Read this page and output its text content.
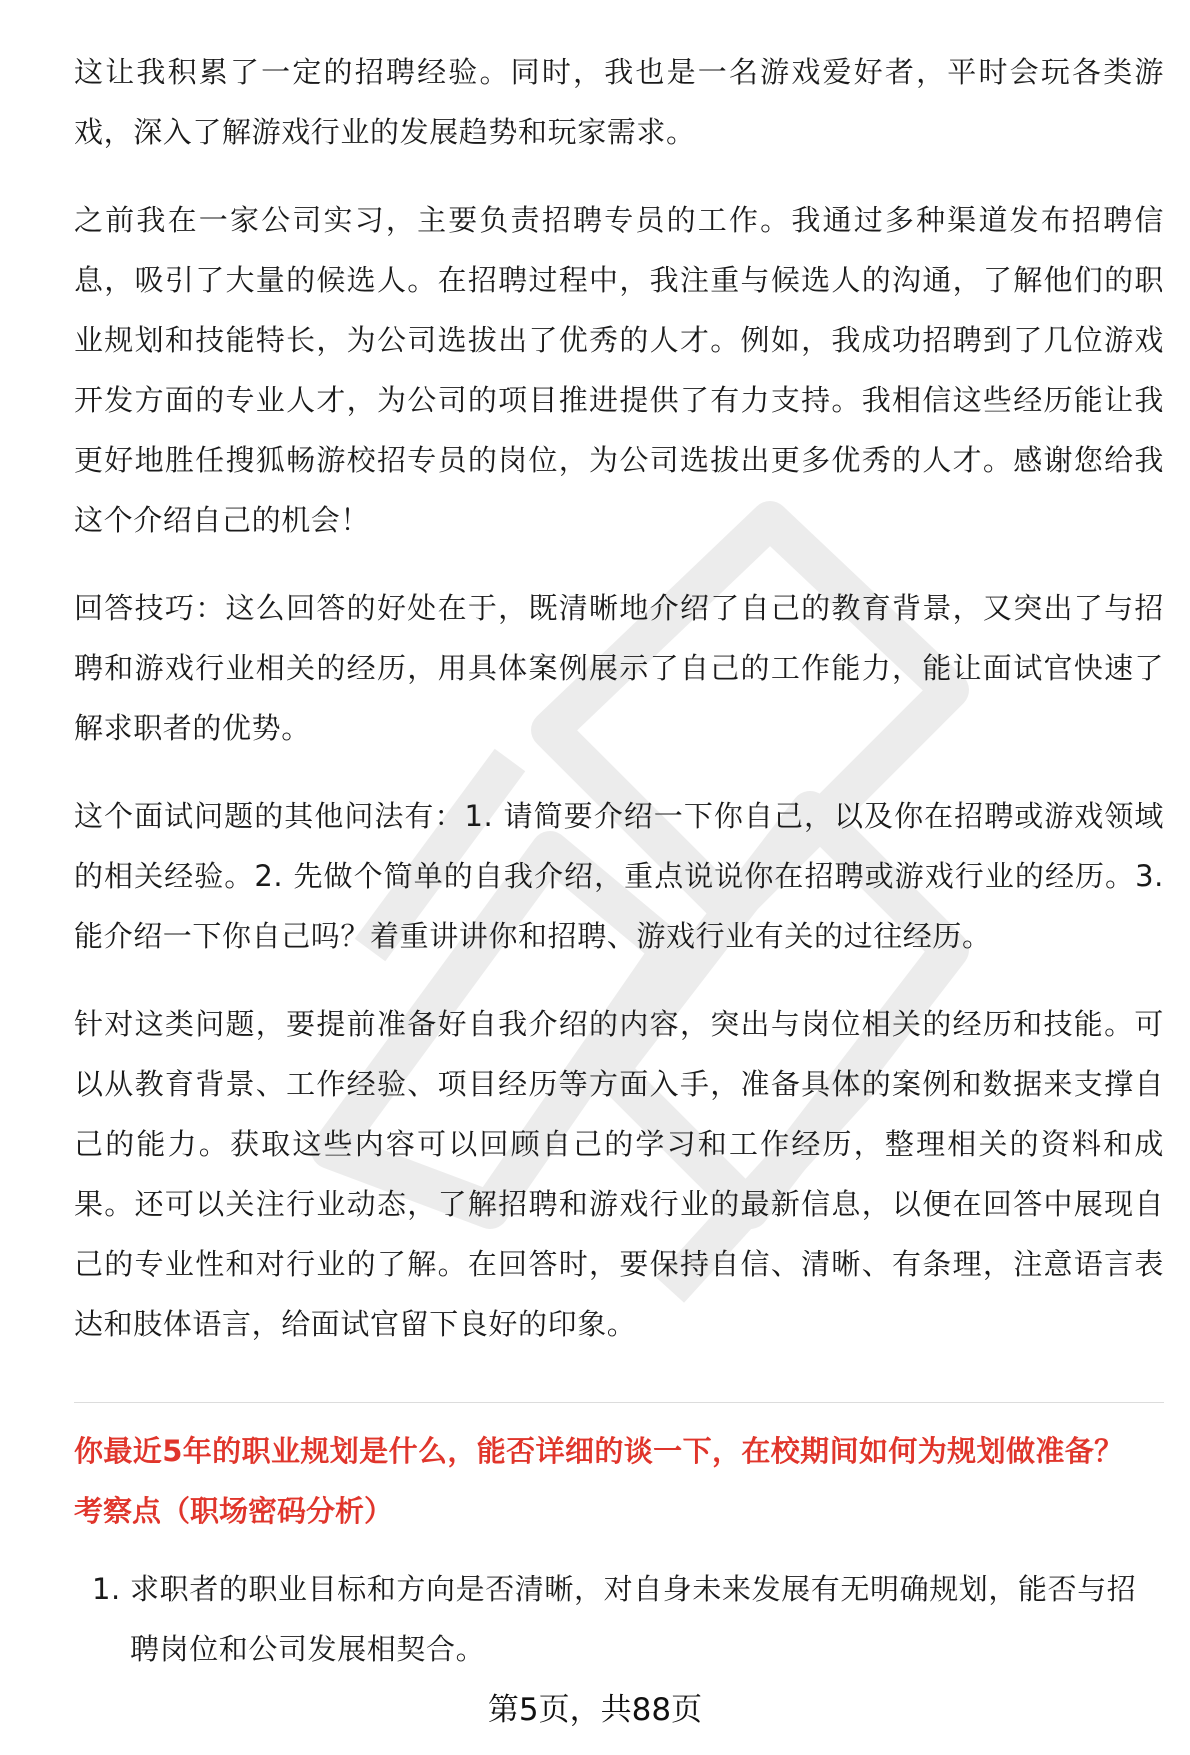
这让我积累了一定的招聘经验。同时，我也是一名游戏爱好者，平时会玩各类游戏，深入了解游戏行业的发展趋势和玩家需求。

之前我在一家公司实习，主要负责招聘专员的工作。我通过多种渠道发布招聘信息，吸引了大量的候选人。在招聘过程中，我注重与候选人的沟通，了解他们的职业规划和技能特长，为公司选拔出了优秀的人才。例如，我成功招聘到了几位游戏开发方面的专业人才，为公司的项目推进提供了有力支持。我相信这些经历能让我更好地胜任搜狐畅游校招专员的岗位，为公司选拔出更多优秀的人才。感谢您给我这个介绍自己的机会！

回答技巧：这么回答的好处在于，既清晰地介绍了自己的教育背景，又突出了与招聘和游戏行业相关的经历，用具体案例展示了自己的工作能力，能让面试官快速了解求职者的优势。

这个面试问题的其他问法有：1. 请简要介绍一下你自己，以及你在招聘或游戏领域的相关经验。2. 先做个简单的自我介绍，重点说说你在招聘或游戏行业的经历。3. 能介绍一下你自己吗？着重讲讲你和招聘、游戏行业有关的过往经历。

针对这类问题，要提前准备好自我介绍的内容，突出与岗位相关的经历和技能。可以从教育背景、工作经验、项目经历等方面入手，准备具体的案例和数据来支撑自己的能力。获取这些内容可以回顾自己的学习和工作经历，整理相关的资料和成果。还可以关注行业动态，了解招聘和游戏行业的最新信息，以便在回答中展现自己的专业性和对行业的了解。在回答时，要保持自信、清晰、有条理，注意语言表达和肢体语言，给面试官留下良好的印象。

你最近5年的职业规划是什么，能否详细的谈一下，在校期间如何为规划做准备？
考察点（职场密码分析）
1. 求职者的职业目标和方向是否清晰，对自身未来发展有无明确规划，能否与招聘岗位和公司发展相契合。
第5页，共88页
